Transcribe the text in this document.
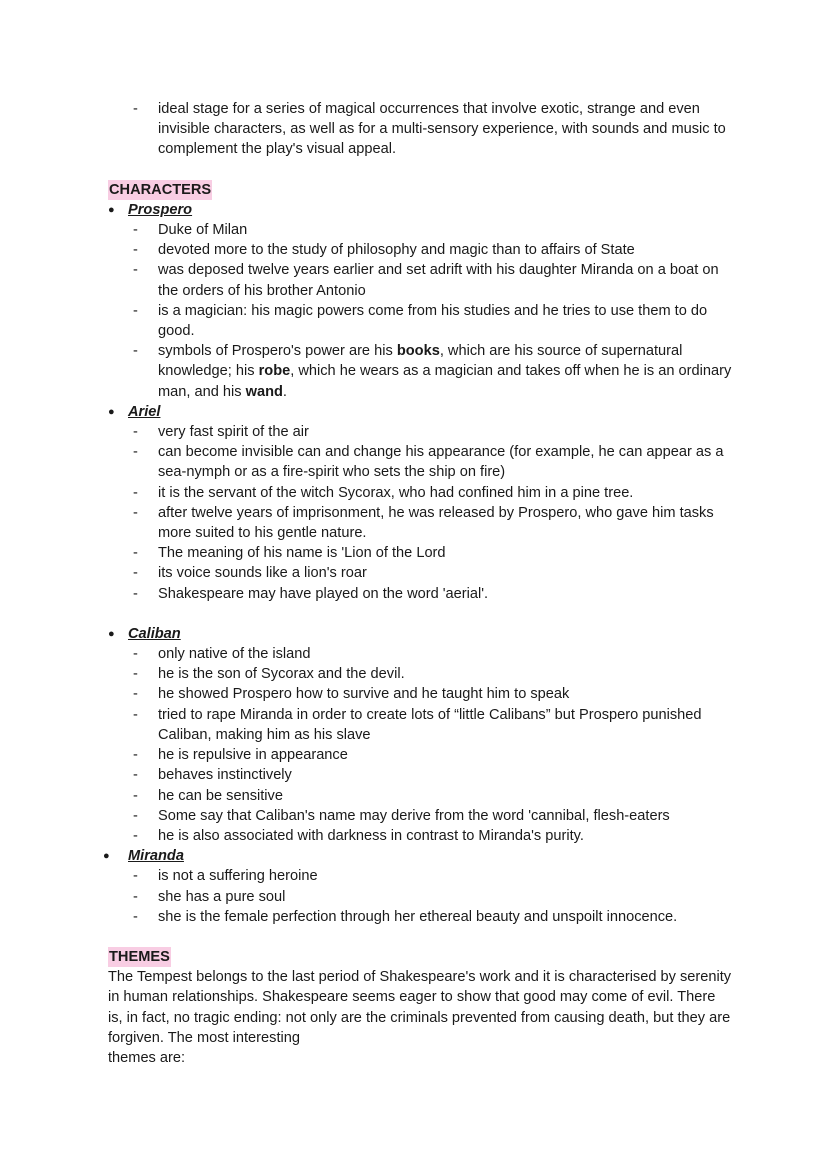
- ideal stage for a series of magical occurrences that involve exotic, strange and even invisible characters, as well as for a multi-sensory experience, with sounds and music to complement the play's visual appeal.
CHARACTERS
● Prospero
- Duke of Milan
- devoted more to the study of philosophy and magic than to affairs of State
- was deposed twelve years earlier and set adrift with his daughter Miranda on a boat on the orders of his brother Antonio
- is a magician: his magic powers come from his studies and he tries to use them to do good.
- symbols of Prospero's power are his books, which are his source of supernatural knowledge; his robe, which he wears as a magician and takes off when he is an ordinary man, and his wand.
● Ariel
- very fast spirit of the air
- can become invisible can and change his appearance (for example, he can appear as a sea-nymph or as a fire-spirit who sets the ship on fire)
- it is the servant of the witch Sycorax, who had confined him in a pine tree.
- after twelve years of imprisonment, he was released by Prospero, who gave him tasks more suited to his gentle nature.
- The meaning of his name is 'Lion of the Lord
- its voice sounds like a lion's roar
- Shakespeare may have played on the word 'aerial'.
● Caliban
- only native of the island
- he is the son of Sycorax and the devil.
- he showed Prospero how to survive and he taught him to speak
- tried to rape Miranda in order to create lots of “little Calibans” but Prospero punished Caliban, making him as his slave
- he is repulsive in appearance
- behaves instinctively
- he can be sensitive
- Some say that Caliban's name may derive from the word 'cannibal, flesh-eaters
- he is also associated with darkness in contrast to Miranda's purity.
● Miranda
- is not a suffering heroine
- she has a pure soul
- she is the female perfection through her ethereal beauty and unspoilt innocence.
THEMES
The Tempest belongs to the last period of Shakespeare's work and it is characterised by serenity in human relationships. Shakespeare seems eager to show that good may come of evil. There is, in fact, no tragic ending: not only are the criminals prevented from causing death, but they are forgiven. The most interesting
themes are:
